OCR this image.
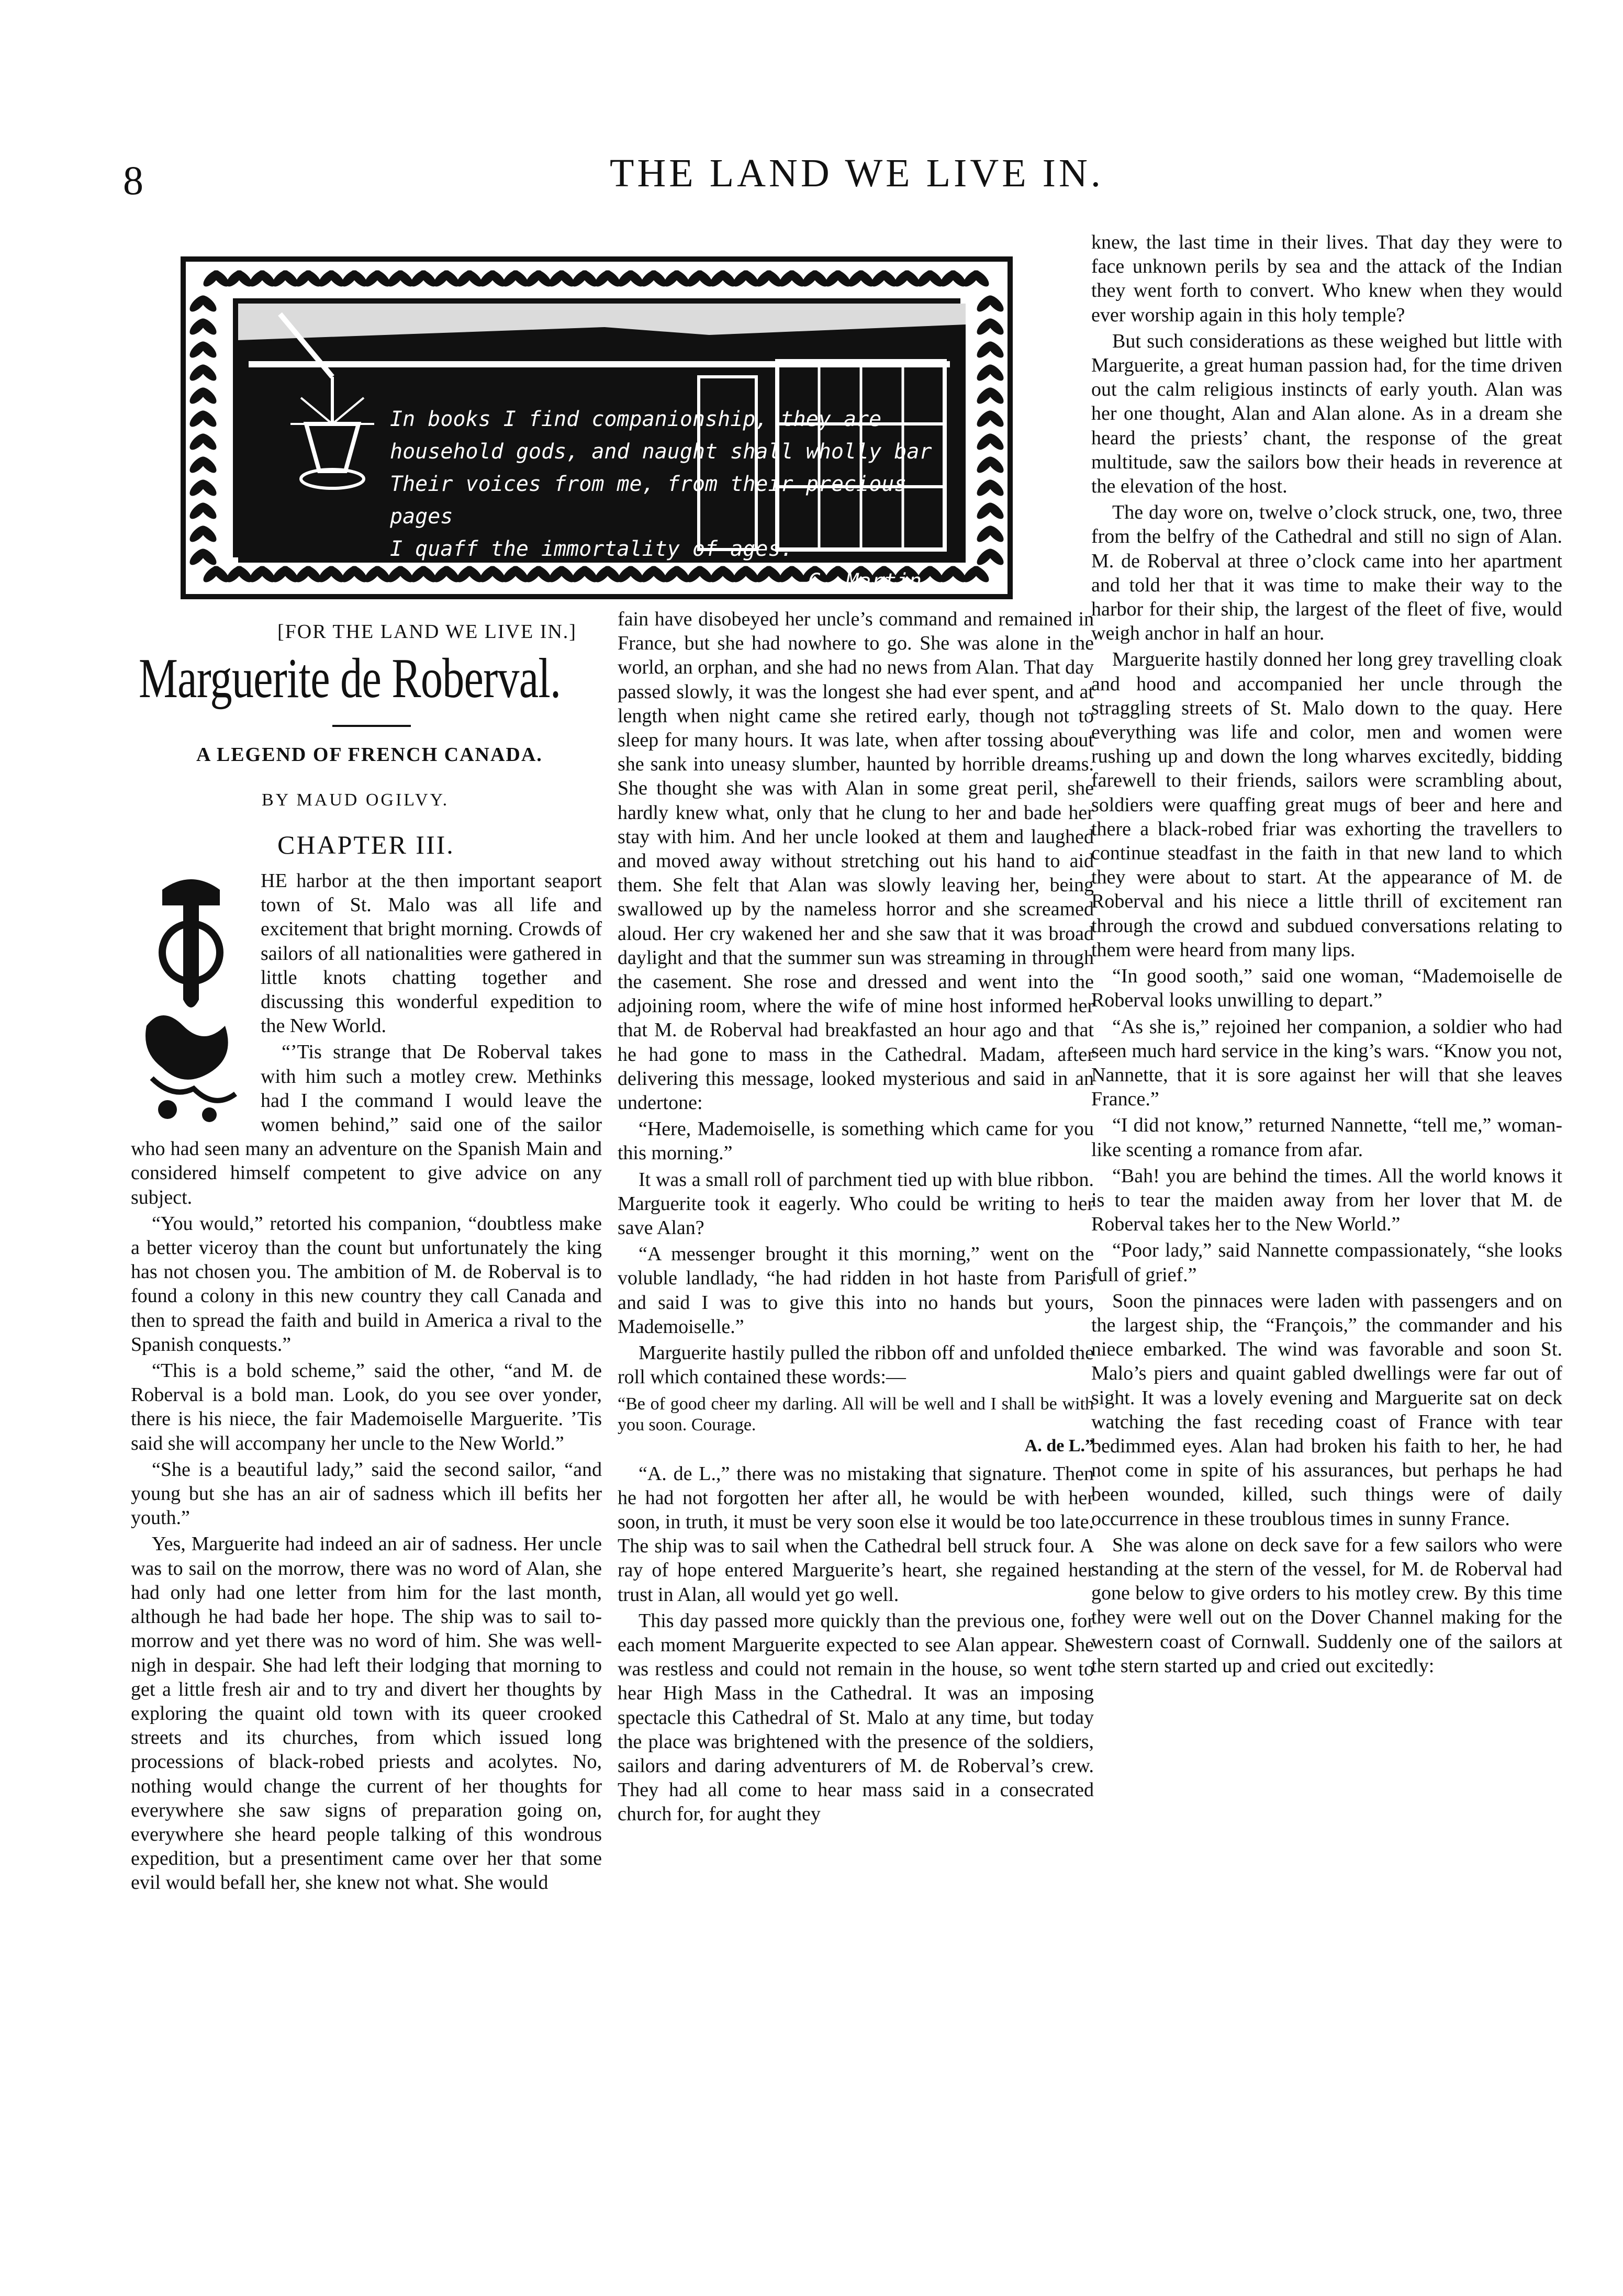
8	THE LAND WE LIVE IN.
In books I find companionship, they are
household gods, and naught shall wholly bar
Their voices from me, from their precious pages
I quaff the immortality of ages.
—G. Martin.
[FOR THE LAND WE LIVE IN.]
Marguerite de Roberval.
A LEGEND OF FRENCH CANADA.
BY MAUD OGILVY.
CHAPTER III.

HE harbor at the then important seaport town of St. Malo was all life and excitement that bright morning. Crowds of sailors of all nationalities were gathered in little knots chatting together and discussing this wonderful expedition to the New World.

“’Tis strange that De Roberval takes with him such a motley crew. Methinks had I the command I would leave the women behind,” said one of the sailor who had seen many an adventure on the Spanish Main and considered himself competent to give advice on any subject.

“You would,” retorted his companion, “doubtless make a better viceroy than the count but unfortunately the king has not chosen you. The ambition of M. de Roberval is to found a colony in this new country they call Canada and then to spread the faith and build in America a rival to the Spanish conquests.”

“This is a bold scheme,” said the other, “and M. de Roberval is a bold man. Look, do you see over yonder, there is his niece, the fair Mademoiselle Marguerite. ’Tis said she will accompany her uncle to the New World.”

“She is a beautiful lady,” said the second sailor, “and young but she has an air of sadness which ill befits her youth.”

Yes, Marguerite had indeed an air of sadness. Her uncle was to sail on the morrow, there was no word of Alan, she had only had one letter from him for the last month, although he had bade her hope. The ship was to sail to-morrow and yet there was no word of him. She was well-nigh in despair. She had left their lodging that morning to get a little fresh air and to try and divert her thoughts by exploring the quaint old town with its queer crooked streets and its churches, from which issued long processions of black-robed priests and acolytes. No, nothing would change the current of her thoughts for everywhere she saw signs of preparation going on, everywhere she heard people talking of this wondrous expedition, but a presentiment came over her that some evil would befall her, she knew not what. She would

fain have disobeyed her uncle’s command and remained in France, but she had nowhere to go. She was alone in the world, an orphan, and she had no news from Alan. That day passed slowly, it was the longest she had ever spent, and at length when night came she retired early, though not to sleep for many hours. It was late, when after tossing about she sank into uneasy slumber, haunted by horrible dreams. She thought she was with Alan in some great peril, she hardly knew what, only that he clung to her and bade her stay with him. And her uncle looked at them and laughed and moved away without stretching out his hand to aid them. She felt that Alan was slowly leaving her, being swallowed up by the nameless horror and she screamed aloud. Her cry wakened her and she saw that it was broad daylight and that the summer sun was streaming in through the casement. She rose and dressed and went into the adjoining room, where the wife of mine host informed her that M. de Roberval had breakfasted an hour ago and that he had gone to mass in the Cathedral. Madam, after delivering this message, looked mysterious and said in an undertone:

“Here, Mademoiselle, is something which came for you this morning.”

It was a small roll of parchment tied up with blue ribbon. Marguerite took it eagerly. Who could be writing to her save Alan?

“A messenger brought it this morning,” went on the voluble landlady, “he had ridden in hot haste from Paris and said I was to give this into no hands but yours, Mademoiselle.”

Marguerite hastily pulled the ribbon off and unfolded the roll which contained these words:—

“Be of good cheer my darling. All will be well and I shall be with you soon. Courage.
A. de L.”

“A. de L.,” there was no mistaking that signature. Then he had not forgotten her after all, he would be with her soon, in truth, it must be very soon else it would be too late. The ship was to sail when the Cathedral bell struck four. A ray of hope entered Marguerite’s heart, she regained her trust in Alan, all would yet go well.

This day passed more quickly than the previous one, for each moment Marguerite expected to see Alan appear. She was restless and could not remain in the house, so went to hear High Mass in the Cathedral. It was an imposing spectacle this Cathedral of St. Malo at any time, but today the place was brightened with the presence of the soldiers, sailors and daring adventurers of M. de Roberval’s crew. They had all come to hear mass said in a consecrated church for, for aught they

knew, the last time in their lives. That day they were to face unknown perils by sea and the attack of the Indian they went forth to convert. Who knew when they would ever worship again in this holy temple?

But such considerations as these weighed but little with Marguerite, a great human passion had, for the time driven out the calm religious instincts of early youth. Alan was her one thought, Alan and Alan alone. As in a dream she heard the priests’ chant, the response of the great multitude, saw the sailors bow their heads in reverence at the elevation of the host.

The day wore on, twelve o’clock struck, one, two, three from the belfry of the Cathedral and still no sign of Alan. M. de Roberval at three o’clock came into her apartment and told her that it was time to make their way to the harbor for their ship, the largest of the fleet of five, would weigh anchor in half an hour.

Marguerite hastily donned her long grey travelling cloak and hood and accompanied her uncle through the straggling streets of St. Malo down to the quay. Here everything was life and color, men and women were rushing up and down the long wharves excitedly, bidding farewell to their friends, sailors were scrambling about, soldiers were quaffing great mugs of beer and here and there a black-robed friar was exhorting the travellers to continue steadfast in the faith in that new land to which they were about to start. At the appearance of M. de Roberval and his niece a little thrill of excitement ran through the crowd and subdued conversations relating to them were heard from many lips.

“In good sooth,” said one woman, “Mademoiselle de Roberval looks unwilling to depart.”

“As she is,” rejoined her companion, a soldier who had seen much hard service in the king’s wars. “Know you not, Nannette, that it is sore against her will that she leaves France.”

“I did not know,” returned Nannette, “tell me,” woman-like scenting a romance from afar.

“Bah! you are behind the times. All the world knows it is to tear the maiden away from her lover that M. de Roberval takes her to the New World.”

“Poor lady,” said Nannette compassionately, “she looks full of grief.”

Soon the pinnaces were laden with passengers and on the largest ship, the “François,” the commander and his niece embarked. The wind was favorable and soon St. Malo’s piers and quaint gabled dwellings were far out of sight. It was a lovely evening and Marguerite sat on deck watching the fast receding coast of France with tear bedimmed eyes. Alan had broken his faith to her, he had not come in spite of his assurances, but perhaps he had been wounded, killed, such things were of daily occurrence in these troublous times in sunny France.

She was alone on deck save for a few sailors who were standing at the stern of the vessel, for M. de Roberval had gone below to give orders to his motley crew. By this time they were well out on the Dover Channel making for the western coast of Cornwall. Suddenly one of the sailors at the stern started up and cried out excitedly:
